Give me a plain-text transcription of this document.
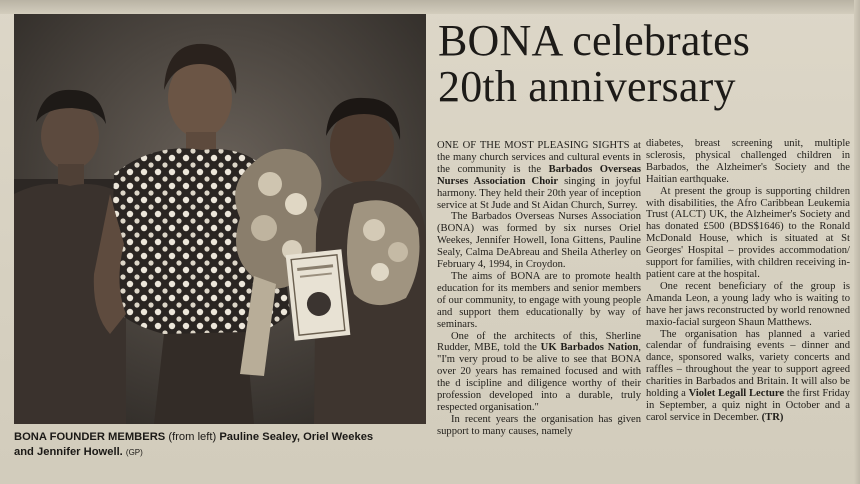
BONA FOUNDER MEMBERS (from left) Pauline Sealey, Oriel Weekes
and Jennifer Howell. (GP)
BONA celebrates
20th anniversary

ONE OF THE MOST PLEASING SIGHTS at the many church services and cultural events in the community is the Barbados Overseas Nurses Association Choir singing in joyful harmony. They held their 20th year of inception service at St Jude and St Aidan Church, Surrey.

The Barbados Overseas Nurses Association (BONA) was formed by six nurses Oriel Weekes, Jennifer Howell, Iona Gittens, Pauline Sealy, Calma DeAbreau and Sheila Atherley on February 4, 1994, in Croydon.

The aims of BONA are to promote health education for its members and senior members of our community, to engage with young people and support them educationally by way of seminars.

One of the architects of this, Sherline Rudder, MBE, told the UK Barbados Nation, "I'm very proud to be alive to see that BONA over 20 years has remained focused and with the d iscipline and diligence worthy of their profession developed into a durable, truly respected organisation."

In recent years the organisation has given support to many causes, namely

diabetes, breast screening unit, multiple sclerosis, physical challenged children in Barbados, the Alzheimer's Society and the Haitian earthquake.

At present the group is supporting children with disabilities, the Afro Caribbean Leukemia Trust (ALCT) UK, the Alzheimer's Society and has donated £500 (BDS$1646) to the Ronald McDonald House, which is situated at St Georges' Hospital – provides accommodation/ support for families, with children receiving in-patient care at the hospital.

One recent beneficiary of the group is Amanda Leon, a young lady who is waiting to have her jaws reconstructed by world renowned maxio-facial surgeon Shaun Matthews.

The organisation has planned a varied calendar of fundraising events – dinner and dance, sponsored walks, variety concerts and raffles – throughout the year to support agreed charities in Barbados and Britain. It will also be holding a Violet Legall Lecture the first Friday in September, a quiz night in October and a carol service in December. (TR)
